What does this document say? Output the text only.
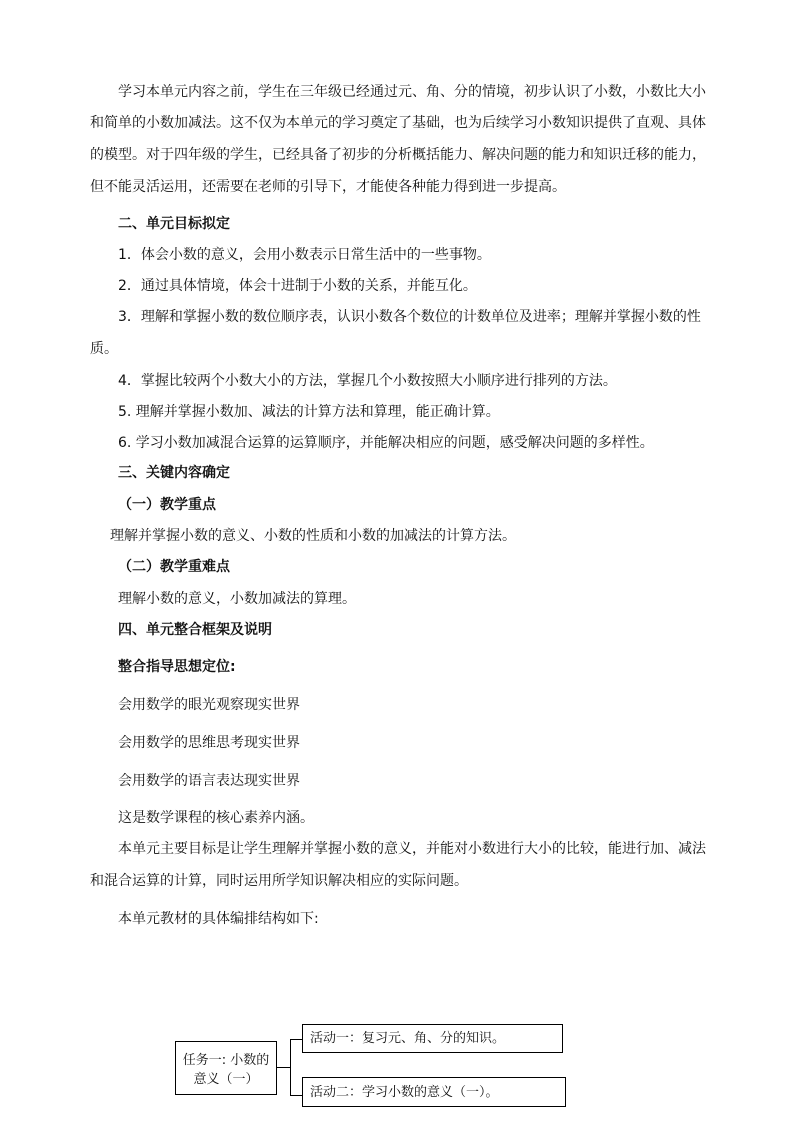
学习本单元内容之前，学生在三年级已经通过元、角、分的情境，初步认识了小数，小数比大小
和简单的小数加减法。这不仅为本单元的学习奠定了基础，也为后续学习小数知识提供了直观、具体
的模型。对于四年级的学生，已经具备了初步的分析概括能力、解决问题的能力和知识迁移的能力，
但不能灵活运用，还需要在老师的引导下，才能使各种能力得到进一步提高。
二、单元目标拟定
1．体会小数的意义，会用小数表示日常生活中的一些事物。
2．通过具体情境，体会十进制于小数的关系，并能互化。
3．理解和掌握小数的数位顺序表，认识小数各个数位的计数单位及进率；理解并掌握小数的性
质。
4．掌握比较两个小数大小的方法，掌握几个小数按照大小顺序进行排列的方法。
5. 理解并掌握小数加、减法的计算方法和算理，能正确计算。
6. 学习小数加减混合运算的运算顺序，并能解决相应的问题，感受解决问题的多样性。
三、关键内容确定
（一）教学重点
理解并掌握小数的意义、小数的性质和小数的加减法的计算方法。
（二）教学重难点
理解小数的意义，小数加减法的算理。
四、单元整合框架及说明
整合指导思想定位:
会用数学的眼光观察现实世界
会用数学的思维思考现实世界
会用数学的语言表达现实世界
这是数学课程的核心素养内涵。
本单元主要目标是让学生理解并掌握小数的意义，并能对小数进行大小的比较，能进行加、减法
和混合运算的计算，同时运用所学知识解决相应的实际问题。
本单元教材的具体编排结构如下:
任务一: 小数的
意义（一）
活动一：复习元、角、分的知识。
活动二：学习小数的意义（一）。
